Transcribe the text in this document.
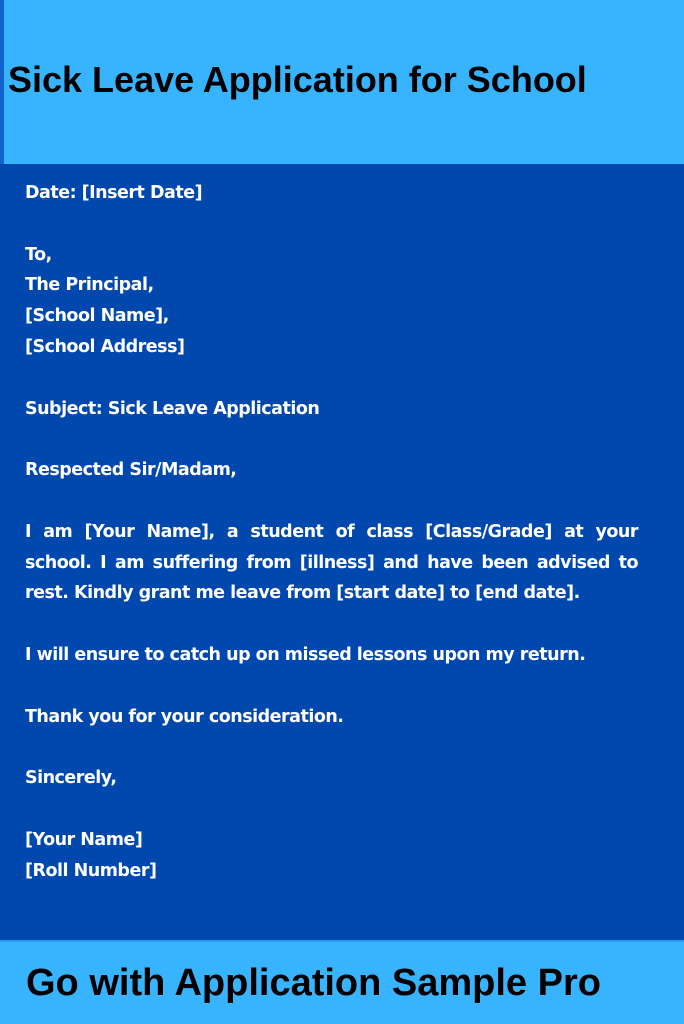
Sick Leave Application for School
Date: [Insert Date]
To,
The Principal,
[School Name],
[School Address]
Subject: Sick Leave Application
Respected Sir/Madam,
I am [Your Name], a student of class [Class/Grade] at your school. I am suffering from [illness] and have been advised to rest. Kindly grant me leave from [start date] to [end date].
I will ensure to catch up on missed lessons upon my return.
Thank you for your consideration.
Sincerely,
[Your Name]
[Roll Number]

Go with Application Sample Pro
